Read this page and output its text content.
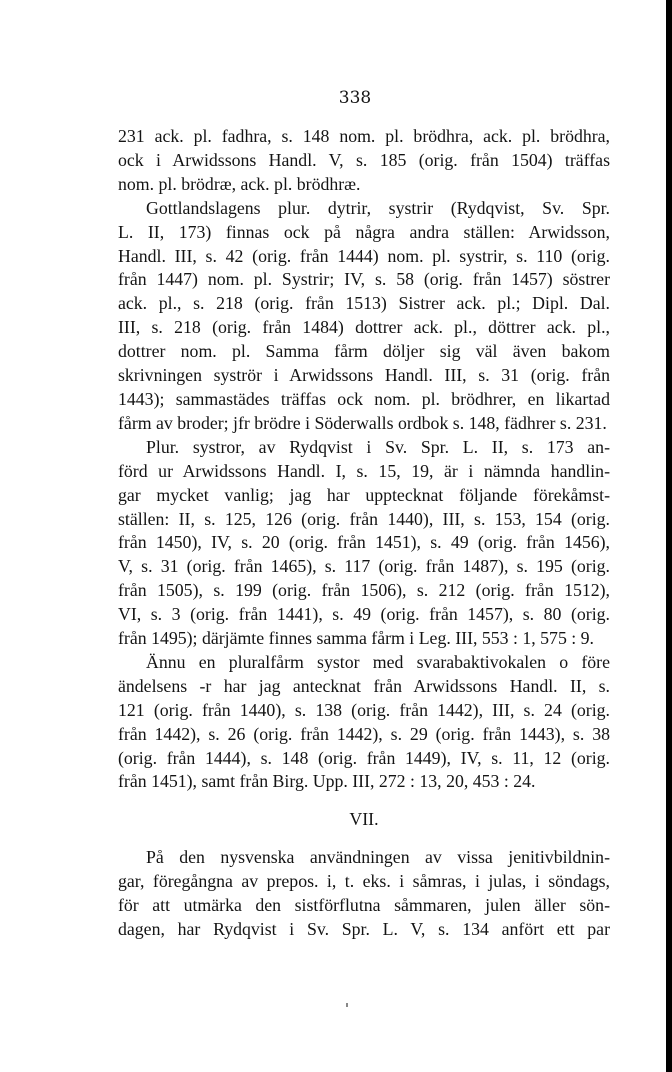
338
231 ack. pl. fadhra, s. 148 nom. pl. brödhra, ack. pl. brödhra,
ock i Arwidssons Handl. V, s. 185 (orig. från 1504) träffas
nom. pl. brödræ, ack. pl. brödhræ.
Gottlandslagens plur. dytrir, systrir (Rydqvist, Sv. Spr.
L. II, 173) finnas ock på några andra ställen: Arwidsson,
Handl. III, s. 42 (orig. från 1444) nom. pl. systrir, s. 110 (orig.
från 1447) nom. pl. Systrir; IV, s. 58 (orig. från 1457) söstrer
ack. pl., s. 218 (orig. från 1513) Sistrer ack. pl.; Dipl. Dal.
III, s. 218 (orig. från 1484) dottrer ack. pl., döttrer ack. pl.,
dottrer nom. pl. Samma fårm döljer sig väl även bakom
skrivningen syströr i Arwidssons Handl. III, s. 31 (orig. från
1443); sammastädes träffas ock nom. pl. brödhrer, en likartad
fårm av broder; jfr brödre i Söderwalls ordbok s. 148, fädhrer s. 231.
Plur. systror, av Rydqvist i Sv. Spr. L. II, s. 173 an-
förd ur Arwidssons Handl. I, s. 15, 19, är i nämnda handlin-
gar mycket vanlig; jag har upptecknat följande förekåmst-
ställen: II, s. 125, 126 (orig. från 1440), III, s. 153, 154 (orig.
från 1450), IV, s. 20 (orig. från 1451), s. 49 (orig. från 1456),
V, s. 31 (orig. från 1465), s. 117 (orig. från 1487), s. 195 (orig.
från 1505), s. 199 (orig. från 1506), s. 212 (orig. från 1512),
VI, s. 3 (orig. från 1441), s. 49 (orig. från 1457), s. 80 (orig.
från 1495); därjämte finnes samma fårm i Leg. III, 553 : 1, 575 : 9.
Ännu en pluralfårm systor med svarabaktivokalen o före
ändelsens -r har jag antecknat från Arwidssons Handl. II, s.
121 (orig. från 1440), s. 138 (orig. från 1442), III, s. 24 (orig.
från 1442), s. 26 (orig. från 1442), s. 29 (orig. från 1443), s. 38
(orig. från 1444), s. 148 (orig. från 1449), IV, s. 11, 12 (orig.
från 1451), samt från Birg. Upp. III, 272 : 13, 20, 453 : 24.
VII.
På den nysvenska användningen av vissa jenitivbildnin-
gar, föregångna av prepos. i, t. eks. i såmras, i julas, i söndags,
för att utmärka den sistförflutna såmmaren, julen äller sön-
dagen, har Rydqvist i Sv. Spr. L. V, s. 134 anfört ett par
